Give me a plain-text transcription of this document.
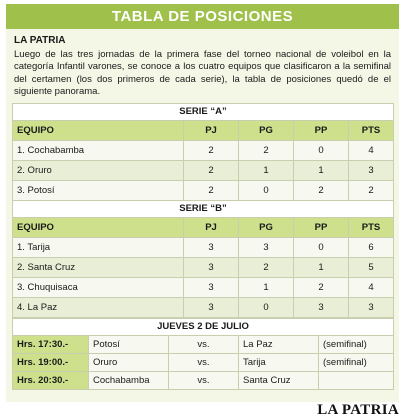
TABLA DE POSICIONES
LA PATRIA
Luego de las tres jornadas de la primera fase del torneo nacional de voleibol en la categoría Infantil varones, se conoce a los cuatro equipos que clasificaron a la semifinal del certamen (los dos primeros de cada serie), la tabla de posiciones quedó de el siguiente panorama.
SERIE “A”				
EQUIPO	PJ	PG	PP	PTS
1. Cochabamba	2	2	0	4
2. Oruro	2	1	1	3
3. Potosí	2	0	2	2
SERIE “B”				
EQUIPO	PJ	PG	PP	PTS
1. Tarija	3	3	0	6
2. Santa Cruz	3	2	1	5
3. Chuquisaca	3	1	2	4
4. La Paz	3	0	3	3
JUEVES 2 DE JULIO				
Hrs. 17:30.-	Potosí	vs.	La Paz	(semifinal)
Hrs. 19:00.-	Oruro	vs.	Tarija	(semifinal)
Hrs. 20:30.-	Cochabamba	vs.	Santa Cruz	
LA PATRIA
